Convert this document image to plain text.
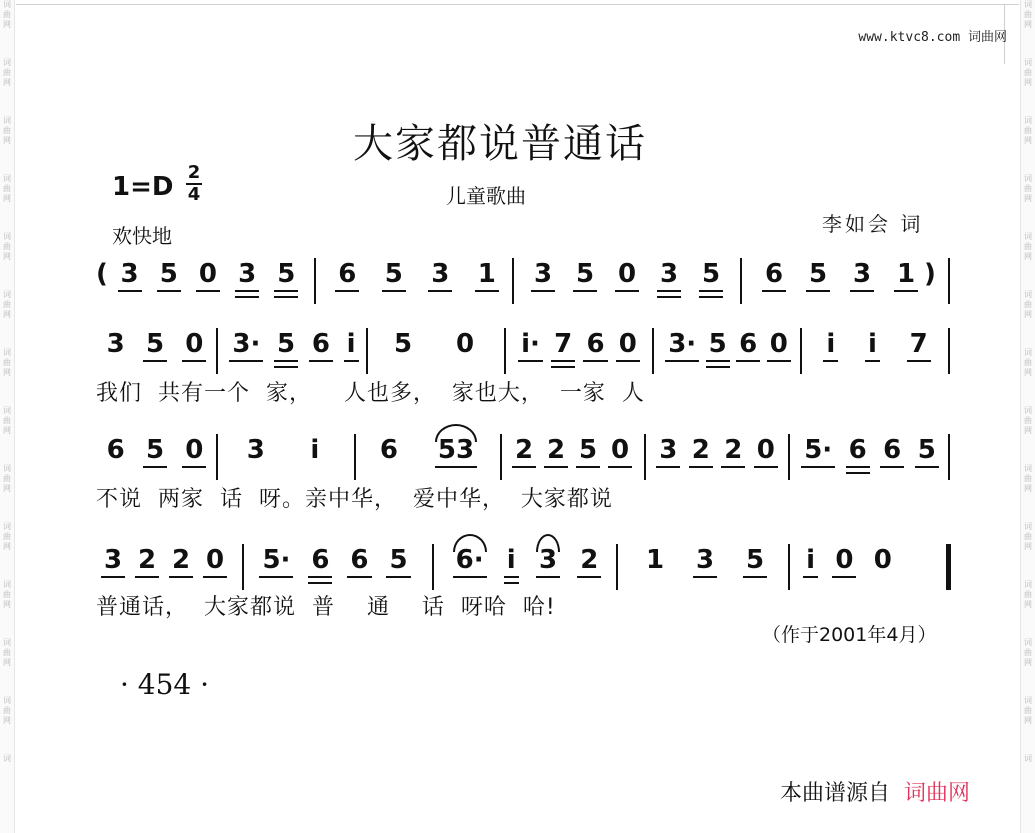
词
曲
网
词
曲
网
词
曲
网
词
曲
网
词
曲
网
词
曲
网
词
曲
网
词
曲
网
词
曲
网
词
曲
网
词
曲
网
词
曲
网
词
曲
网
词
词
曲
网
词
曲
网
词
曲
网
词
曲
网
词
曲
网
词
曲
网
词
曲
网
词
曲
网
词
曲
网
词
曲
网
词
曲
网
词
曲
网
词
曲
网
词
www.ktvc8.com 词曲网
大家都说普通话
1=D 2
4	儿童歌曲
欢快地	李如会 词
( 3 5 0 3 5 6 5 3 1 3 5 0 3 5 6 5 3 1 )
3 5 0 3· 5 6 i 5 0 i· 7 6 0 3· 5 6 0 i i 7
我们  共有一个  家，    人也多，  家也大，  一家  人
6 5 0 3 i 6 53 2 2 5 0 3 2 2 0 5· 6 6 5
不说  两家  话  呀。亲中华，  爱中华，  大家都说
3 2 2 0 5· 6 6 5 6· i 3 2 1 3 5 i 0 0
普通话，  大家都说  普    通    话  呀哈  哈!
（作于2001年4月）
· 454 ·
本曲谱源自 词曲网
